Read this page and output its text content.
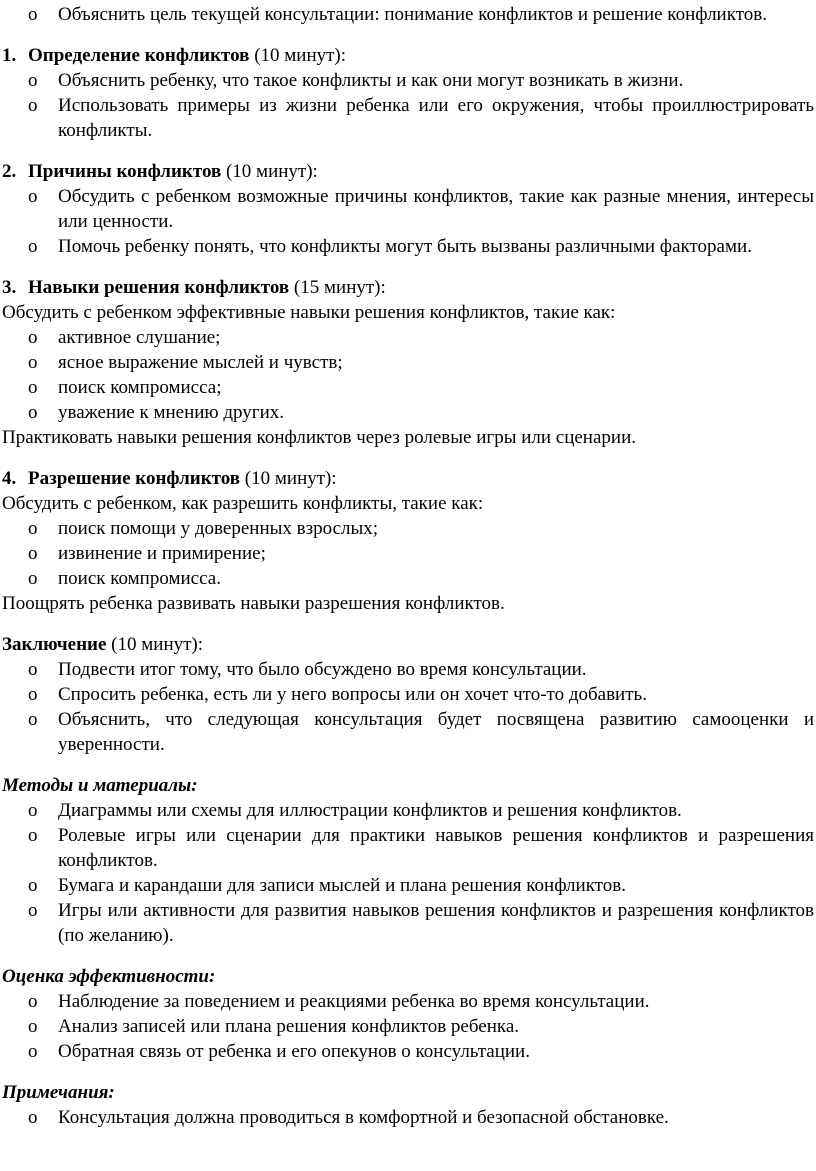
o Объяснить цель текущей консультации: понимание конфликтов и решение конфликтов.
1. Определение конфликтов (10 минут):
o Объяснить ребенку, что такое конфликты и как они могут возникать в жизни.
o Использовать примеры из жизни ребенка или его окружения, чтобы проиллюстрировать конфликты.
2. Причины конфликтов (10 минут):
o Обсудить с ребенком возможные причины конфликтов, такие как разные мнения, интересы или ценности.
o Помочь ребенку понять, что конфликты могут быть вызваны различными факторами.
3. Навыки решения конфликтов (15 минут):

Обсудить с ребенком эффективные навыки решения конфликтов, такие как:

o активное слушание;
o ясное выражение мыслей и чувств;
o поиск компромисса;
o уважение к мнению других.

Практиковать навыки решения конфликтов через ролевые игры или сценарии.

4. Разрешение конфликтов (10 минут):

Обсудить с ребенком, как разрешить конфликты, такие как:

o поиск помощи у доверенных взрослых;
o извинение и примирение;
o поиск компромисса.

Поощрять ребенка развивать навыки разрешения конфликтов.

Заключение (10 минут):
o Подвести итог тому, что было обсуждено во время консультации.
o Спросить ребенка, есть ли у него вопросы или он хочет что-то добавить.
o Объяснить, что следующая консультация будет посвящена развитию самооценки и уверенности.
Методы и материалы:
o Диаграммы или схемы для иллюстрации конфликтов и решения конфликтов.
o Ролевые игры или сценарии для практики навыков решения конфликтов и разрешения конфликтов.
o Бумага и карандаши для записи мыслей и плана решения конфликтов.
o Игры или активности для развития навыков решения конфликтов и разрешения конфликтов (по желанию).
Оценка эффективности:
o Наблюдение за поведением и реакциями ребенка во время консультации.
o Анализ записей или плана решения конфликтов ребенка.
o Обратная связь от ребенка и его опекунов о консультации.
Примечания:
o Консультация должна проводиться в комфортной и безопасной обстановке.
